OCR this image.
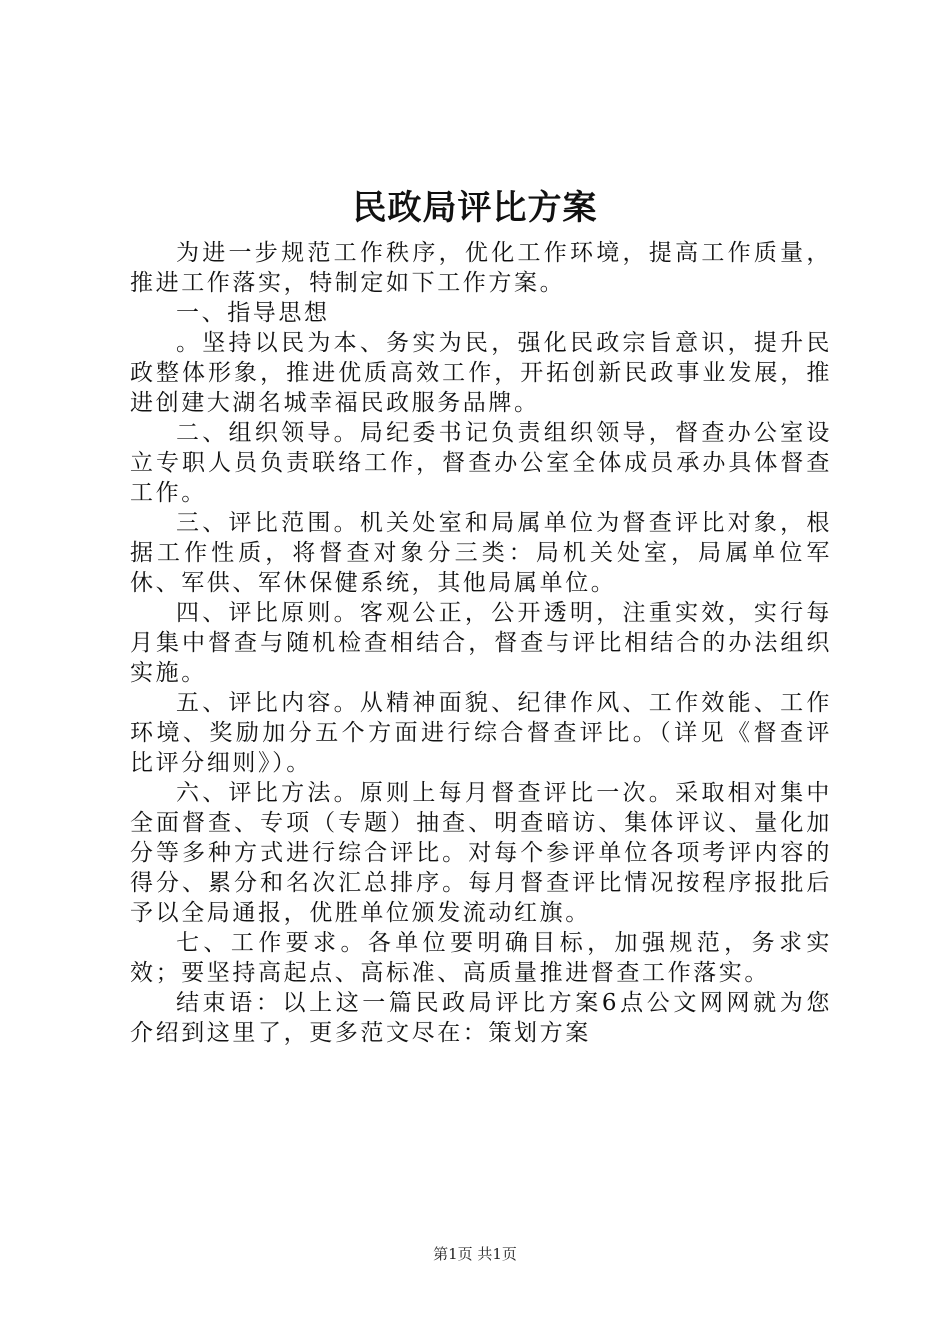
民政局评比方案

为进一步规范工作秩序，优化工作环境，提高工作质量，推进工作落实，特制定如下工作方案。

一、指导思想

。坚持以民为本、务实为民，强化民政宗旨意识，提升民政整体形象，推进优质高效工作，开拓创新民政事业发展，推进创建大湖名城幸福民政服务品牌。

二、组织领导。局纪委书记负责组织领导，督查办公室设立专职人员负责联络工作，督查办公室全体成员承办具体督查工作。

三、评比范围。机关处室和局属单位为督查评比对象，根据工作性质，将督查对象分三类：局机关处室，局属单位军休、军供、军休保健系统，其他局属单位。

四、评比原则。客观公正，公开透明，注重实效，实行每月集中督查与随机检查相结合，督查与评比相结合的办法组织实施。

五、评比内容。从精神面貌、纪律作风、工作效能、工作环境、奖励加分五个方面进行综合督查评比。（详见《督查评比评分细则》）。

六、评比方法。原则上每月督查评比一次。采取相对集中全面督查、专项（专题）抽查、明查暗访、集体评议、量化加分等多种方式进行综合评比。对每个参评单位各项考评内容的得分、累分和名次汇总排序。每月督查评比情况按程序报批后予以全局通报，优胜单位颁发流动红旗。

七、工作要求。各单位要明确目标，加强规范，务求实效；要坚持高起点、高标准、高质量推进督查工作落实。

结束语：以上这一篇民政局评比方案6点公文网网就为您介绍到这里了，更多范文尽在：策划方案

第1页 共1页
